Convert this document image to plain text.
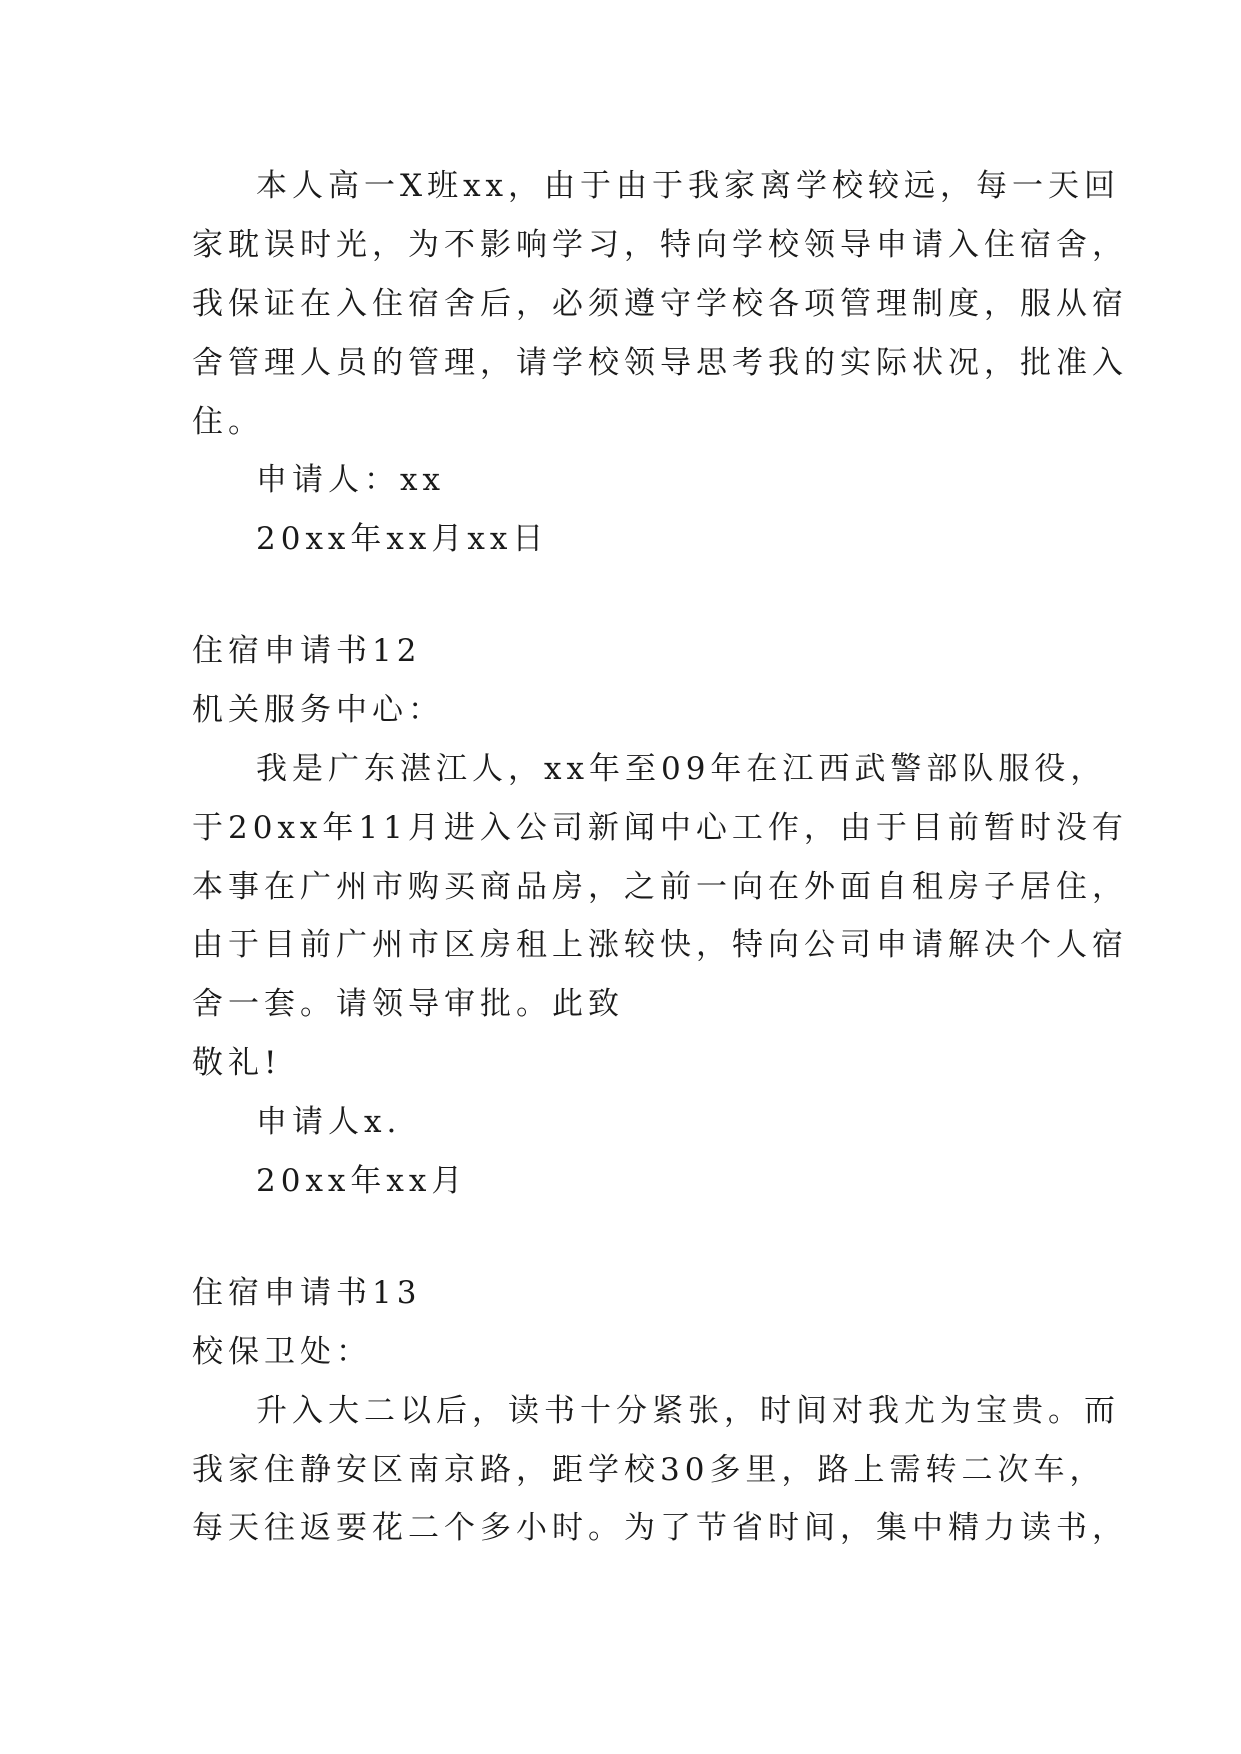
本人高一X班xx，由于由于我家离学校较远，每一天回
家耽误时光，为不影响学习，特向学校领导申请入住宿舍，
我保证在入住宿舍后，必须遵守学校各项管理制度，服从宿
舍管理人员的管理，请学校领导思考我的实际状况，批准入
住。
申请人：xx
20xx年xx月xx日
住宿申请书12
机关服务中心：
我是广东湛江人，xx年至09年在江西武警部队服役，
于20xx年11月进入公司新闻中心工作，由于目前暂时没有
本事在广州市购买商品房，之前一向在外面自租房子居住，
由于目前广州市区房租上涨较快，特向公司申请解决个人宿
舍一套。请领导审批。此致
敬礼!
申请人x.
20xx年xx月
住宿申请书13
校保卫处：
升入大二以后，读书十分紧张，时间对我尤为宝贵。而
我家住静安区南京路，距学校30多里，路上需转二次车，
每天往返要花二个多小时。为了节省时间，集中精力读书，
